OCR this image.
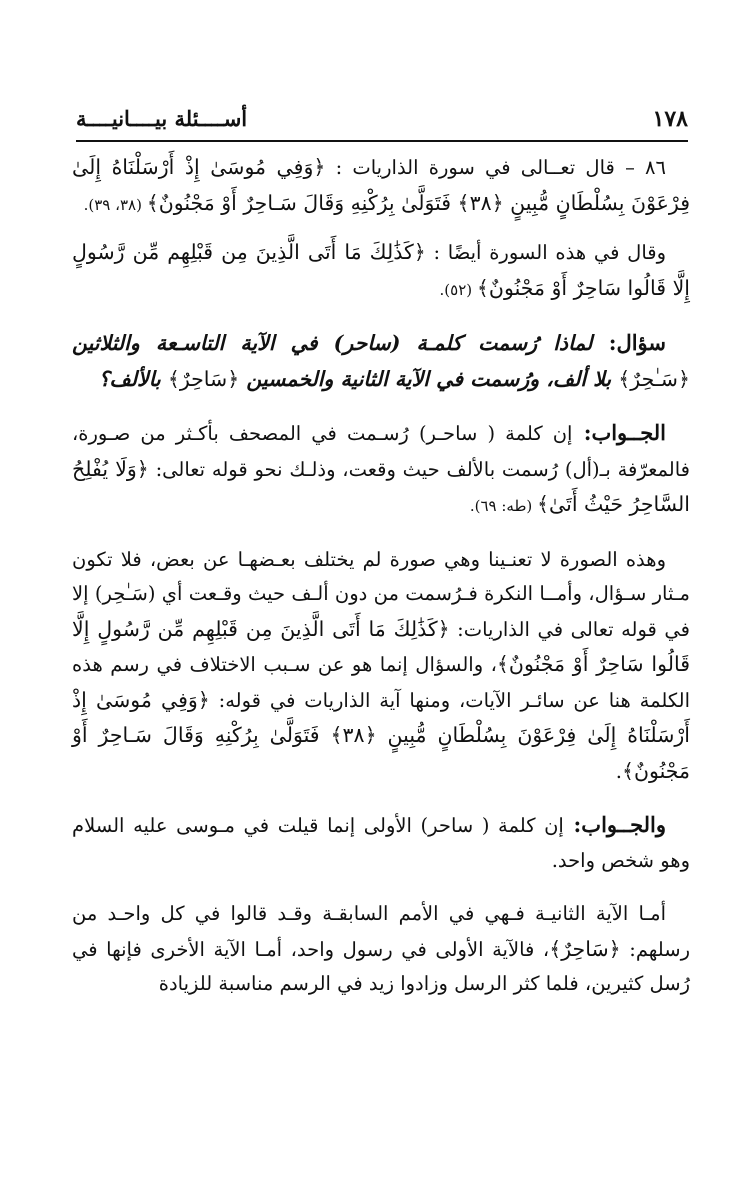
١٧٨
أســــئلة بيــــانيــــة

٨٦ – قال تعــالى في سورة الذاريات : ﴿وَفِي مُوسَىٰ إِذْ أَرْسَلْنَاهُ إِلَىٰ فِرْعَوْنَ بِسُلْطَانٍ مُّبِينٍ ﴿٣٨﴾ فَتَوَلَّىٰ بِرُكْنِهِ وَقَالَ سَـاحِرٌ أَوْ مَجْنُونٌ﴾ (٣٨، ٣٩).

وقال في هذه السورة أيضًا : ﴿كَذَٰلِكَ مَا أَتَى الَّذِينَ مِن قَبْلِهِم مِّن رَّسُولٍ إِلَّا قَالُوا سَاحِرٌ أَوْ مَجْنُونٌ﴾ (٥٢).

سؤال: لماذا رُسمت كلمـة (ساحر) في الآية التاسـعة والثلاثين ﴿سَـٰحِرٌ﴾ بلا ألف، ورُسمت في الآية الثانية والخمسين ﴿سَاحِرٌ﴾ بالألف؟

الجــواب: إن كلمة ( ساحـر) رُسـمت في المصحف بأكـثر من صـورة، فالمعرّفة بـ(أل) رُسمت بالألف حيث وقعت، وذلـك نحو قوله تعالى: ﴿وَلَا يُفْلِحُ السَّاحِرُ حَيْثُ أَتَىٰ﴾ (طه: ٦٩).

وهذه الصورة لا تعنـينا وهي صورة لم يختلف بعـضهـا عن بعض، فلا تكون مـثار سـؤال، وأمــا النكرة فـرُسمت من دون ألـف حيث وقـعت أي (سَـٰحِر) إلا في قوله تعالى في الذاريات: ﴿كَذَٰلِكَ مَا أَتَى الَّذِينَ مِن قَبْلِهِم مِّن رَّسُولٍ إِلَّا قَالُوا سَاحِرٌ أَوْ مَجْنُونٌ﴾، والسؤال إنما هو عن سـبب الاختلاف في رسم هذه الكلمة هنا عن سائـر الآيات، ومنها آية الذاريات في قوله: ﴿وَفِي مُوسَىٰ إِذْ أَرْسَلْنَاهُ إِلَىٰ فِرْعَوْنَ بِسُلْطَانٍ مُّبِينٍ ﴿٣٨﴾ فَتَوَلَّىٰ بِرُكْنِهِ وَقَالَ سَـاحِرٌ أَوْ مَجْنُونٌ﴾.

والجــواب: إن كلمة ( ساحر) الأولى إنما قيلت في مـوسى عليه السلام وهو شخص واحد.

أمـا الآية الثانيـة فـهي في الأمم السابقـة وقـد قالوا في كل واحـد من رسلهم: ﴿سَاحِرٌ﴾، فالآية الأولى في رسول واحد، أمـا الآية الأخرى فإنها في رُسل كثيرين، فلما كثر الرسل وزادوا زيد في الرسم مناسبة للزيادة
